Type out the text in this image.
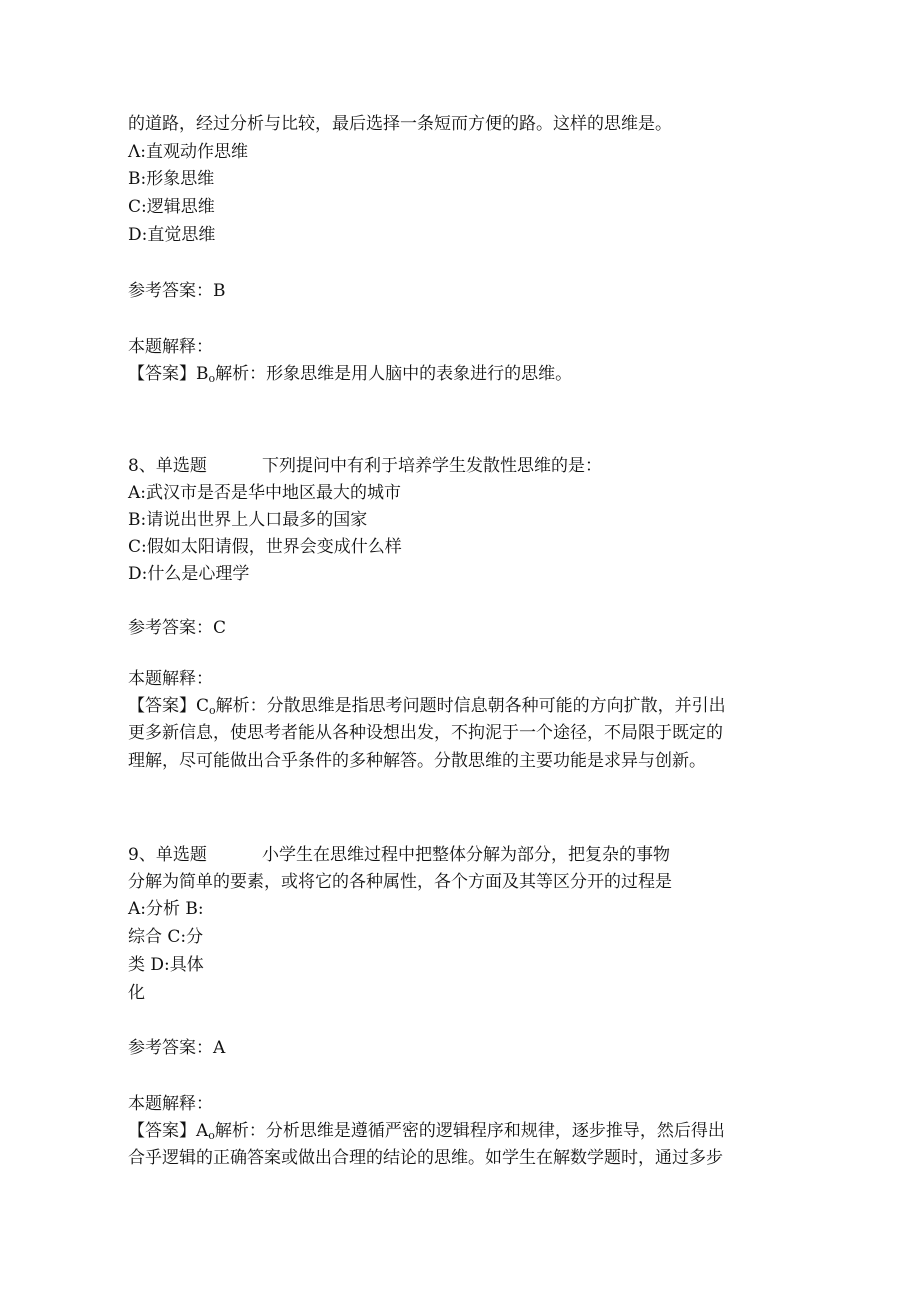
的道路，经过分析与比较，最后选择一条短而方便的路。这样的思维是。
Λ:直观动作思维
B:形象思维
C:逻辑思维
D:直觉思维
参考答案：B
本题解释：
【答案】$B_o$解析：形象思维是用人脑中的表象进行的思维。
8、单选题	下列提问中有利于培养学生发散性思维的是：
A:武汉市是否是华中地区最大的城市
B:请说出世界上人口最多的国家
C:假如太阳请假，世界会变成什么样
D:什么是心理学
参考答案：C
本题解释：
【答案】$C_o$解析：分散思维是指思考问题时信息朝各种可能的方向扩散，并引出
更多新信息，使思考者能从各种设想出发，不拘泥于一个途径，不局限于既定的
理解，尽可能做出合乎条件的多种解答。分散思维的主要功能是求异与创新。
9、单选题	小学生在思维过程中把整体分解为部分，把复杂的事物
分解为简单的要素，或将它的各种属性，各个方面及其等区分开的过程是
A:分析 B:
综合 C:分
类 D:具体
化
参考答案：A
本题解释：
【答案】$A_o$解析：分析思维是遵循严密的逻辑程序和规律，逐步推导，然后得出
合乎逻辑的正确答案或做出合理的结论的思维。如学生在解数学题时，通过多步
